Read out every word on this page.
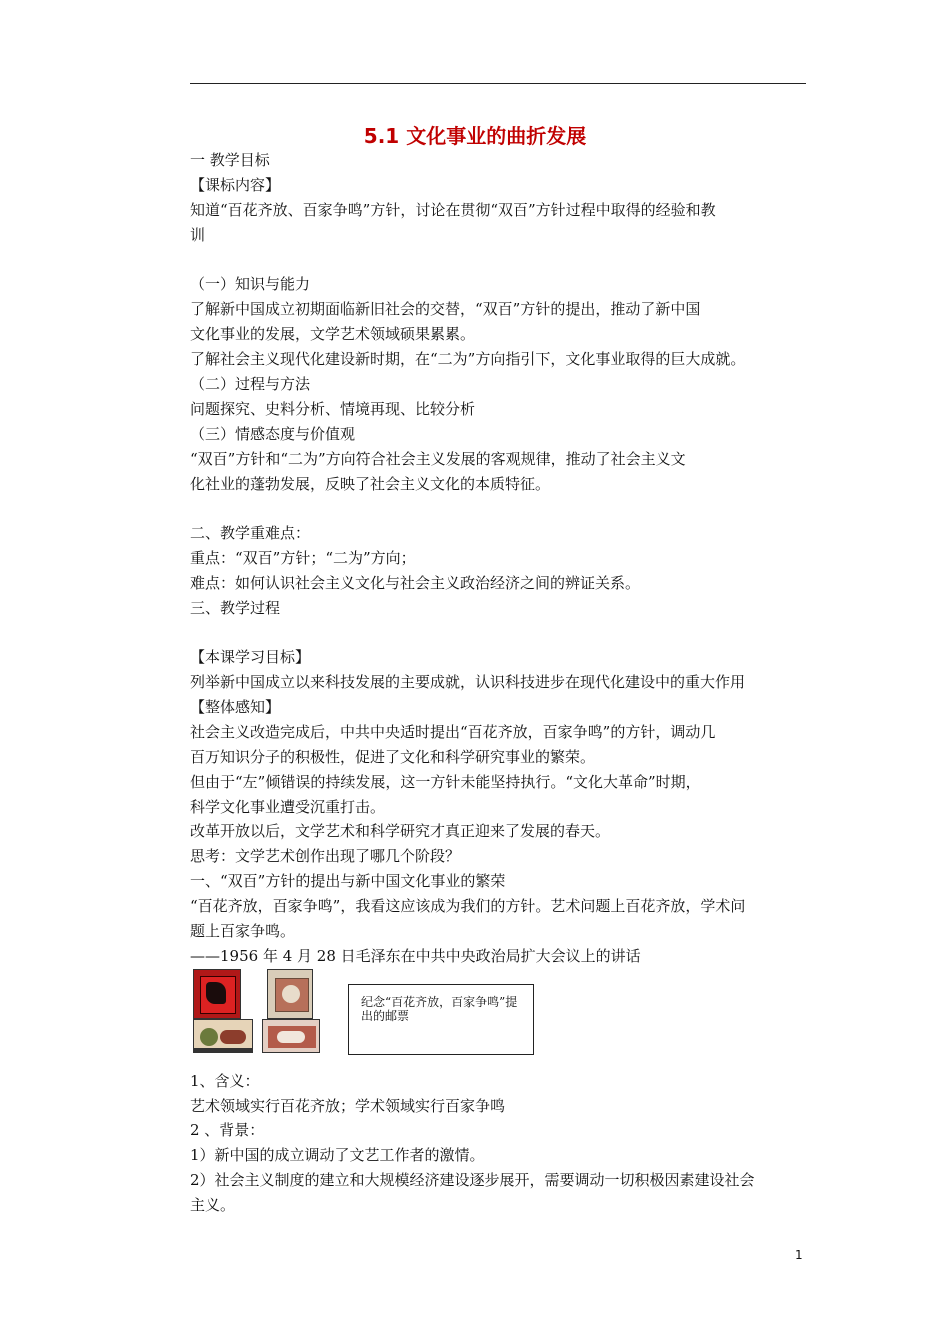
5.1 文化事业的曲折发展
一 教学目标
【课标内容】
知道“百花齐放、百家争鸣”方针，讨论在贯彻“双百”方针过程中取得的经验和教
训
（一）知识与能力
了解新中国成立初期面临新旧社会的交替，“双百”方针的提出，推动了新中国
文化事业的发展，文学艺术领域硕果累累。
了解社会主义现代化建设新时期，在“二为”方向指引下，文化事业取得的巨大成就。
（二）过程与方法
问题探究、史料分析、情境再现、比较分析
（三）情感态度与价值观
“双百”方针和“二为”方向符合社会主义发展的客观规律，推动了社会主义文
化社业的蓬勃发展，反映了社会主义文化的本质特征。
二、教学重难点：
重点：“双百”方针；“二为”方向；
难点：如何认识社会主义文化与社会主义政治经济之间的辨证关系。
三、教学过程
【本课学习目标】
列举新中国成立以来科技发展的主要成就，认识科技进步在现代化建设中的重大作用
【整体感知】
社会主义改造完成后，中共中央适时提出“百花齐放，百家争鸣”的方针，调动几
百万知识分子的积极性，促进了文化和科学研究事业的繁荣。
但由于“左”倾错误的持续发展，这一方针未能坚持执行。“文化大革命”时期，
科学文化事业遭受沉重打击。
改革开放以后，文学艺术和科学研究才真正迎来了发展的春天。
思考：文学艺术创作出现了哪几个阶段？
一、“双百”方针的提出与新中国文化事业的繁荣
“百花齐放，百家争鸣”，我看这应该成为我们的方针。艺术问题上百花齐放，学术问
题上百家争鸣。
——1956 年 4 月 28 日毛泽东在中共中央政治局扩大会议上的讲话
纪念“百花齐放，百家争鸣”提出的邮票
1、含义：
艺术领域实行百花齐放；学术领域实行百家争鸣
2 、背景：
1）新中国的成立调动了文艺工作者的激情。
2）社会主义制度的建立和大规模经济建设逐步展开，需要调动一切积极因素建设社会
主义。
1
